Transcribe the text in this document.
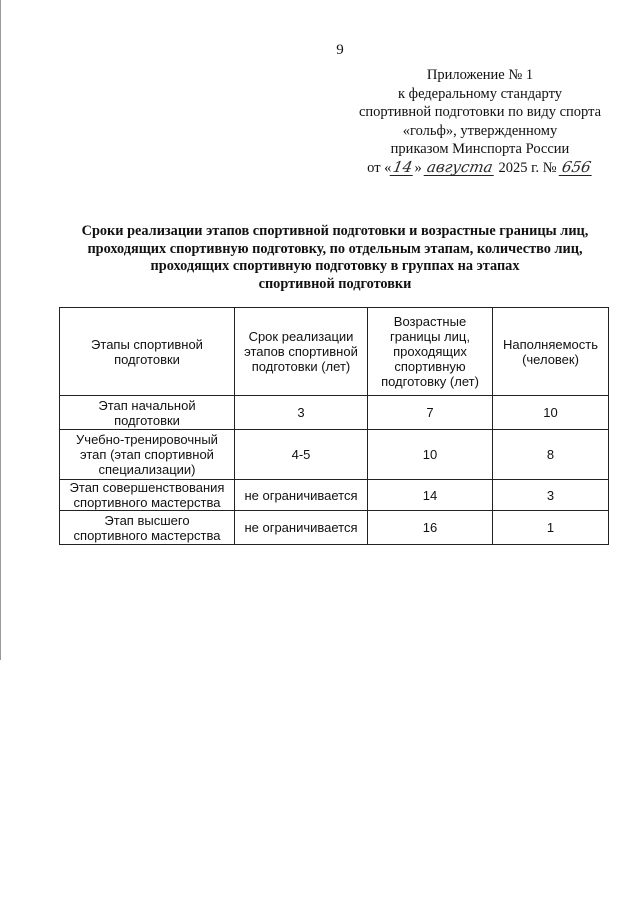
9
Приложение № 1
к федеральному стандарту
спортивной подготовки по виду спорта
«гольф», утвержденному
приказом Минспорта России
от «14» августа 2025 г. № 656
Сроки реализации этапов спортивной подготовки и возрастные границы лиц,
проходящих спортивную подготовку, по отдельным этапам, количество лиц,
проходящих спортивную подготовку в группах на этапах
спортивной подготовки
Этапы спортивной
подготовки	Срок реализации
этапов спортивной
подготовки (лет)	Возрастные
границы лиц,
проходящих
спортивную
подготовку (лет)	Наполняемость
(человек)
Этап начальной
подготовки	3	7	10
Учебно-тренировочный
этап (этап спортивной
специализации)	4-5	10	8
Этап совершенствования
спортивного мастерства	не ограничивается	14	3
Этап высшего
спортивного мастерства	не ограничивается	16	1
